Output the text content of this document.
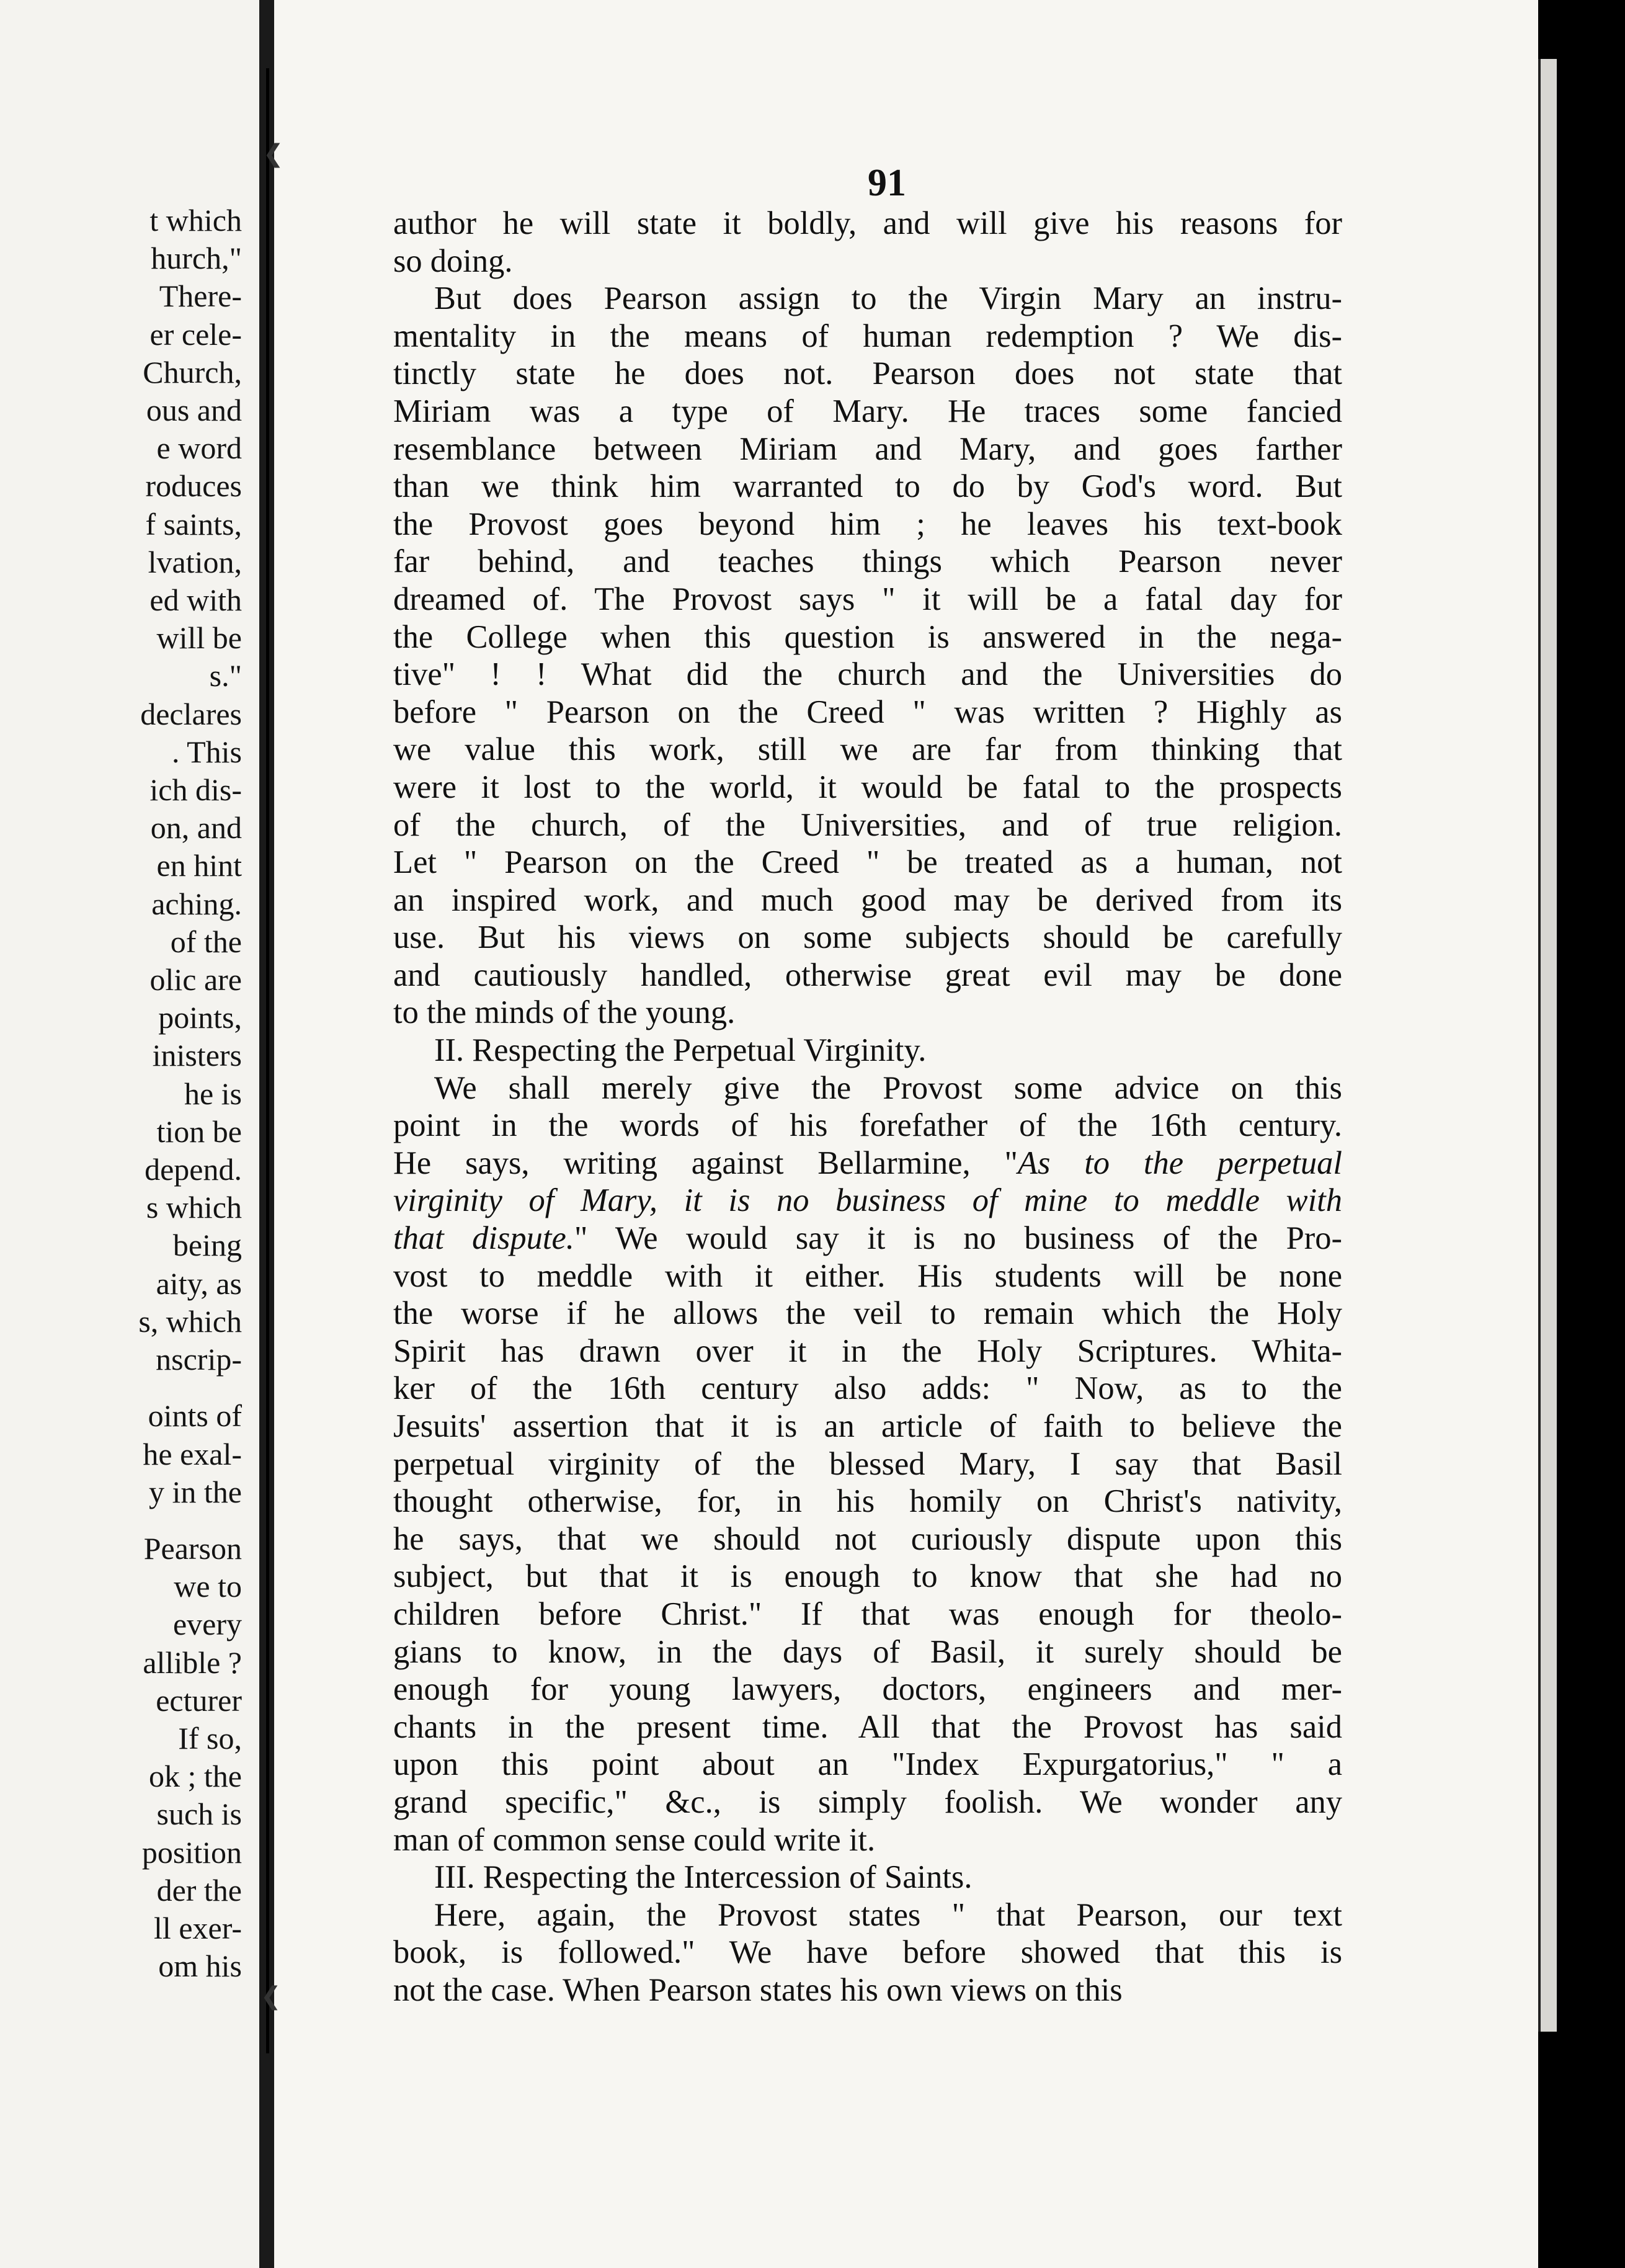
t which
hurch,"
There-
er cele-
Church,
ous and
e word
roduces
f saints,
lvation,
ed with
will be
s."
declares
. This
ich dis-
on, and
en hint
aching.
of the
olic are
points,
inisters
he is
tion be
depend.
s which
being
aity, as
s, which
nscrip-
oints of
he exal-
y in the
Pearson
we to
every
allible ?
ecturer
If so,
ok ; the
such is
position
der the
ll exer-
om his
91
author he will state it boldly, and will give his reasons for
so doing.
But does Pearson assign to the Virgin Mary an instru-
mentality in the means of human redemption ? We dis-
tinctly state he does not. Pearson does not state that
Miriam was a type of Mary. He traces some fancied
resemblance between Miriam and Mary, and goes farther
than we think him warranted to do by God's word. But
the Provost goes beyond him ; he leaves his text-book
far behind, and teaches things which Pearson never
dreamed of. The Provost says " it will be a fatal day for
the College when this question is answered in the nega-
tive" ! ! What did the church and the Universities do
before " Pearson on the Creed " was written ? Highly as
we value this work, still we are far from thinking that
were it lost to the world, it would be fatal to the prospects
of the church, of the Universities, and of true religion.
Let " Pearson on the Creed " be treated as a human, not
an inspired work, and much good may be derived from its
use. But his views on some subjects should be carefully
and cautiously handled, otherwise great evil may be done
to the minds of the young.
II. Respecting the Perpetual Virginity.
We shall merely give the Provost some advice on this
point in the words of his forefather of the 16th century.
He says, writing against Bellarmine, "As to the perpetual
virginity of Mary, it is no business of mine to meddle with
that dispute." We would say it is no business of the Pro-
vost to meddle with it either. His students will be none
the worse if he allows the veil to remain which the Holy
Spirit has drawn over it in the Holy Scriptures. Whita-
ker of the 16th century also adds: " Now, as to the
Jesuits' assertion that it is an article of faith to believe the
perpetual virginity of the blessed Mary, I say that Basil
thought otherwise, for, in his homily on Christ's nativity,
he says, that we should not curiously dispute upon this
subject, but that it is enough to know that she had no
children before Christ." If that was enough for theolo-
gians to know, in the days of Basil, it surely should be
enough for young lawyers, doctors, engineers and mer-
chants in the present time. All that the Provost has said
upon this point about an "Index Expurgatorius," " a
grand specific," &c., is simply foolish. We wonder any
man of common sense could write it.
III. Respecting the Intercession of Saints.
Here, again, the Provost states " that Pearson, our text
book, is followed." We have before showed that this is
not the case. When Pearson states his own views on this
❮
❮
